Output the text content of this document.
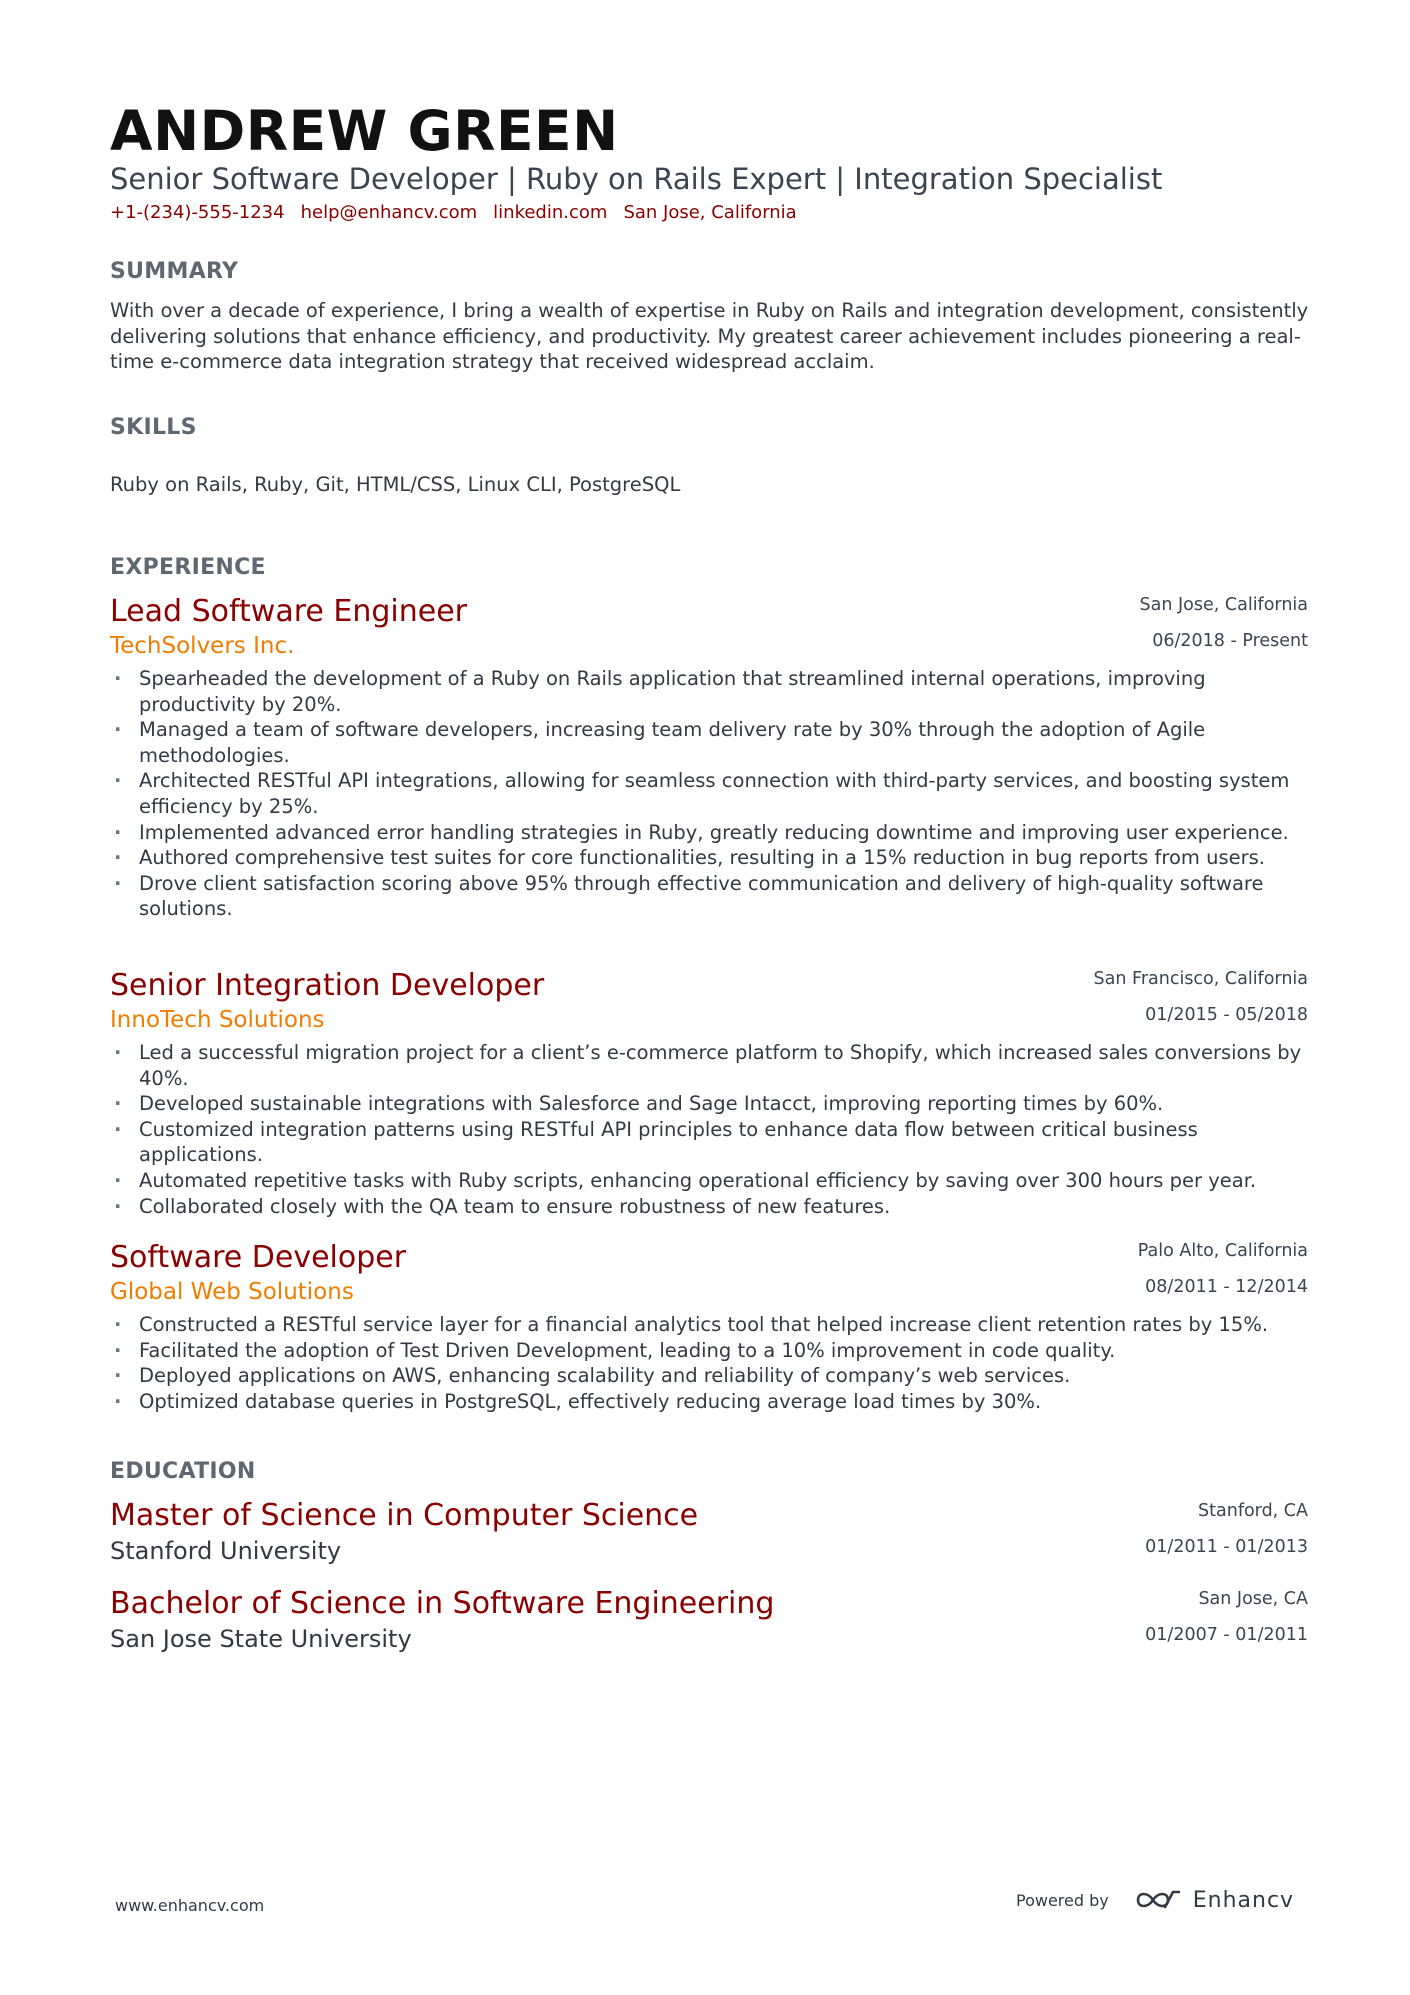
ANDREW GREEN
Senior Software Developer | Ruby on Rails Expert | Integration Specialist
+1-(234)-555-1234 help@enhancv.com linkedin.com San Jose, California
SUMMARY
With over a decade of experience, I bring a wealth of expertise in Ruby on Rails and integration development, consistently delivering solutions that enhance efficiency, and productivity. My greatest career achievement includes pioneering a real-time e-commerce data integration strategy that received widespread acclaim.
SKILLS
Ruby on Rails, Ruby, Git, HTML/CSS, Linux CLI, PostgreSQL
EXPERIENCE
Lead Software Engineer	San Jose, California
TechSolvers Inc.	06/2018 - Present
· Spearheaded the development of a Ruby on Rails application that streamlined internal operations, improving productivity by 20%.
· Managed a team of software developers, increasing team delivery rate by 30% through the adoption of Agile methodologies.
· Architected RESTful API integrations, allowing for seamless connection with third-party services, and boosting system efficiency by 25%.
· Implemented advanced error handling strategies in Ruby, greatly reducing downtime and improving user experience.
· Authored comprehensive test suites for core functionalities, resulting in a 15% reduction in bug reports from users.
· Drove client satisfaction scoring above 95% through effective communication and delivery of high-quality software solutions.
Senior Integration Developer	San Francisco, California
InnoTech Solutions	01/2015 - 05/2018
· Led a successful migration project for a client’s e-commerce platform to Shopify, which increased sales conversions by 40%.
· Developed sustainable integrations with Salesforce and Sage Intacct, improving reporting times by 60%.
· Customized integration patterns using RESTful API principles to enhance data flow between critical business applications.
· Automated repetitive tasks with Ruby scripts, enhancing operational efficiency by saving over 300 hours per year.
· Collaborated closely with the QA team to ensure robustness of new features.
Software Developer	Palo Alto, California
Global Web Solutions	08/2011 - 12/2014
· Constructed a RESTful service layer for a financial analytics tool that helped increase client retention rates by 15%.
· Facilitated the adoption of Test Driven Development, leading to a 10% improvement in code quality.
· Deployed applications on AWS, enhancing scalability and reliability of company’s web services.
· Optimized database queries in PostgreSQL, effectively reducing average load times by 30%.
EDUCATION
Master of Science in Computer Science	Stanford, CA
Stanford University	01/2011 - 01/2013
Bachelor of Science in Software Engineering	San Jose, CA
San Jose State University	01/2007 - 01/2011
www.enhancv.com	Powered by	Enhancv
